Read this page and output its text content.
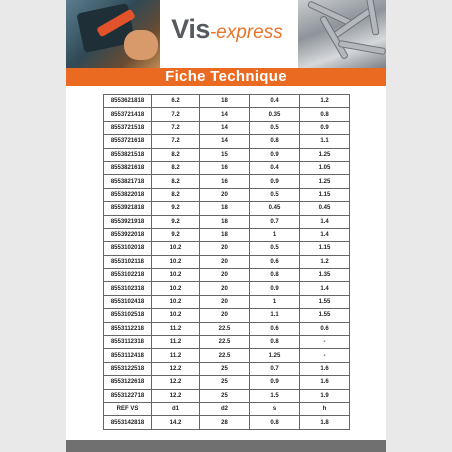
Vis-express
Fiche Technique
8553621818	6.2	18	0.4	1.2
8553721418	7.2	14	0.35	0.8
8553721518	7.2	14	0.5	0.9
8553721618	7.2	14	0.8	1.1
8553821518	8.2	15	0.9	1.25
8553821618	8.2	16	0.4	1.05
8553821718	8.2	16	0.9	1.25
8553822018	8.2	20	0.5	1.15
8553921818	9.2	18	0.45	0.45
8553921918	9.2	18	0.7	1.4
8553922018	9.2	18	1	1.4
8553102018	10.2	20	0.5	1.15
8553102118	10.2	20	0.6	1.2
8553102218	10.2	20	0.8	1.35
8553102318	10.2	20	0.9	1.4
8553102418	10.2	20	1	1.55
8553102518	10.2	20	1.1	1.55
8553112218	11.2	22.5	0.6	0.6
8553112318	11.2	22.5	0.8	-
8553112418	11.2	22.5	1.25	-
8553122518	12.2	25	0.7	1.6
8553122618	12.2	25	0.9	1.6
8553122718	12.2	25	1.5	1.9
REF VS	d1	d2	s	h
8553142818	14.2	28	0.8	1.8
